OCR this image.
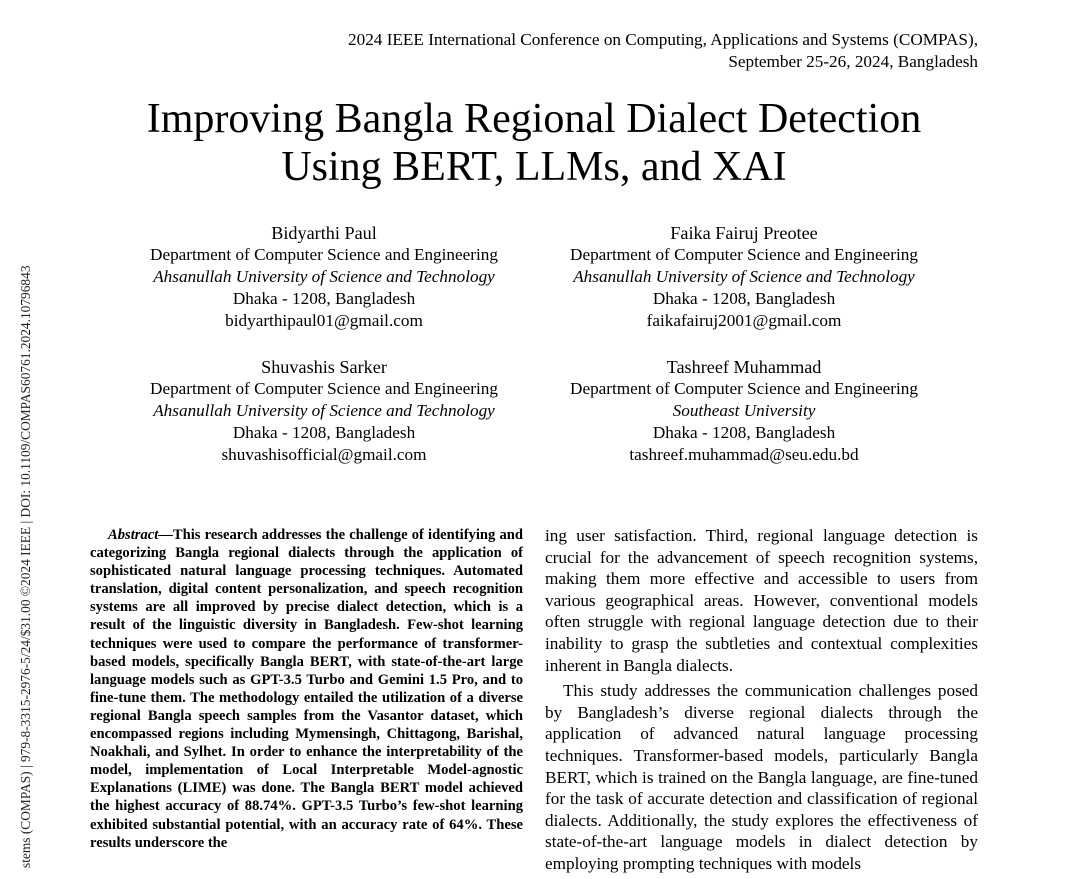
2024 IEEE International Conference on Computing, Applications and Systems (COMPAS),
September 25-26, 2024, Bangladesh
Improving Bangla Regional Dialect Detection
Using BERT, LLMs, and XAI
Bidyarthi Paul
Department of Computer Science and Engineering
Ahsanullah University of Science and Technology
Dhaka - 1208, Bangladesh
bidyarthipaul01@gmail.com
Faika Fairuj Preotee
Department of Computer Science and Engineering
Ahsanullah University of Science and Technology
Dhaka - 1208, Bangladesh
faikafairuj2001@gmail.com
Shuvashis Sarker
Department of Computer Science and Engineering
Ahsanullah University of Science and Technology
Dhaka - 1208, Bangladesh
shuvashisofficial@gmail.com
Tashreef Muhammad
Department of Computer Science and Engineering
Southeast University
Dhaka - 1208, Bangladesh
tashreef.muhammad@seu.edu.bd
stems (COMPAS) | 979-8-3315-2976-5/24/$31.00 ©2024 IEEE | DOI: 10.1109/COMPAS60761.2024.10796843	Abstract—This research addresses the challenge of identifying and categorizing Bangla regional dialects through the application of sophisticated natural language processing techniques. Automated translation, digital content personalization, and speech recognition systems are all improved by precise dialect detection, which is a result of the linguistic diversity in Bangladesh. Few-shot learning techniques were used to compare the performance of transformer-based models, specifically Bangla BERT, with state-of-the-art large language models such as GPT-3.5 Turbo and Gemini 1.5 Pro, and to fine-tune them. The methodology entailed the utilization of a diverse regional Bangla speech samples from the Vasantor dataset, which encompassed regions including Mymensingh, Chittagong, Barishal, Noakhali, and Sylhet. In order to enhance the interpretability of the model, implementation of Local Interpretable Model-agnostic Explanations (LIME) was done. The Bangla BERT model achieved the highest accuracy of 88.74%. GPT-3.5 Turbo’s few-shot learning exhibited substantial potential, with an accuracy rate of 64%. These results underscore the

ing user satisfaction. Third, regional language detection is crucial for the advancement of speech recognition systems, making them more effective and accessible to users from various geographical areas. However, conventional models often struggle with regional language detection due to their inability to grasp the subtleties and contextual complexities inherent in Bangla dialects.

This study addresses the communication challenges posed by Bangladesh’s diverse regional dialects through the application of advanced natural language processing techniques. Transformer-based models, particularly Bangla BERT, which is trained on the Bangla language, are fine-tuned for the task of accurate detection and classification of regional dialects. Additionally, the study explores the effectiveness of state-of-the-art language models in dialect detection by employing prompting techniques with models
